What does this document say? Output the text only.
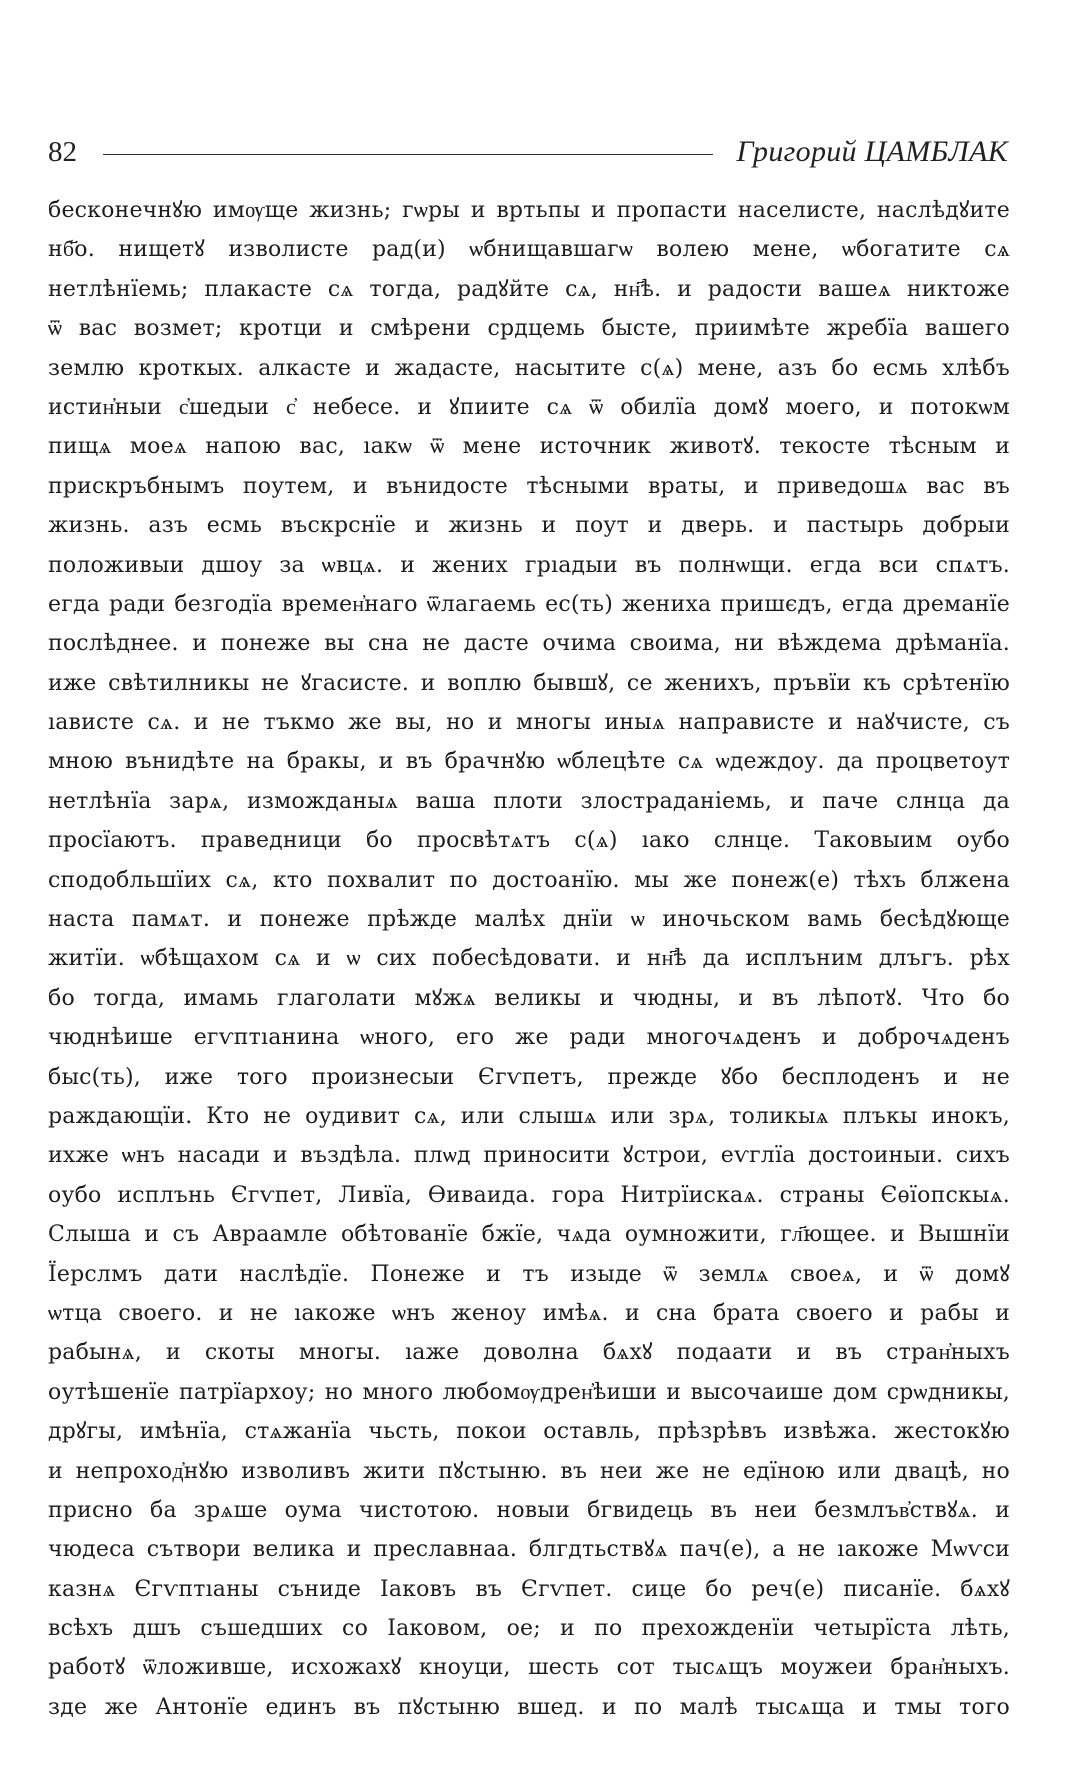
82	Григорий ЦАМБЛАК
бесконечнꙋю имѹще жизнь; гѡры и вртьпы и пропасти населисте, наслѣдꙋите
нб҃о. нищетꙋ изволисте рад(и) ѡбнищавшагѡ волею мене, ѡбогатите сѧ
нетлѣнїемь; плакасте сѧ тогда, радꙋйте сѧ, нн҃ѣ. и радости вашеѧ никтоже
ѿ вас возмет; кротци и смѣрени срдцемь бысте, приимѣте жребїа вашего
землю кроткых. алкасте и жадасте, насытите с(ѧ) мене, азъ бо есмь хлѣбъ
истин҆ныи с҆шедыи с҆ небесе. и ꙋпиите сѧ ѿ обилїа домꙋ моего, и потокѡм
пищѧ моеѧ напою вас, ıакѡ ѿ мене источник животꙋ. текосте тѣсным и
прискръбнымъ поутем, и вънидосте тѣсными враты, и приведошѧ вас въ
жизнь. азъ есмь въскрснїе и жизнь и поут и дверь. и пастырь добрыи
положивыи дшоу за ѡвцѧ. и жених грıадыи въ полнѡщи. егда вси спѧтъ.
егда ради безгодїа времен҆наго ѿлагаемь ес(ть) жениха пришєдъ, егда дреманїе
послѣднее. и понеже вы сна не дасте очима своима, ни вѣждема дрѣманїа.
иже свѣтилникы не ꙋгасисте. и воплю бывшꙋ, се женихъ, пръвїи къ срѣтенїю
ıависте сѧ. и не тъкмо же вы, но и многы иныѧ направисте и наꙋчисте, съ
мною вънидѣте на бракы, и въ брачнꙋю ѡблецѣте сѧ ѡдеждоу. да процветоут
нетлѣнїа зарѧ, изможданыѧ ваша плоти злострадані̇емь, и паче слнца да
просїаютъ. праведници бо просвѣтѧтъ с(ѧ) ıако слнце. Таковыим оубо
сподобльшїих сѧ, кто похвалит по достоанїю. мы же понеж(е) тѣхъ блжена
наста памѧт. и понеже прѣжде малѣх днїи ѡ иночьском вамь бесѣдꙋюще
житїи. ѡбѣщахом сѧ и ѡ сих побесѣдовати. и нн҃ѣ да исплъним длъгъ. рѣх
бо тогда, имамь глаголати мꙋжѧ великы и чюдны, и въ лѣпотꙋ. Что бо
чюднѣише егѵптıанина ѡного, его же ради многочѧденъ и доброчѧденъ
быс(ть), иже того произнесыи Єгѵпетъ, прежде ꙋбо бесплоденъ и не
раждающїи. Кто не оудивит сѧ, или слышѧ или зрѧ, толикыѧ плъкы инокъ,
ихже ѡнъ насади и въздѣла. плѡд приносити ꙋстрои, еѵглїа достоиныи. сихъ
оубо исплънь Єгѵпет, Ливїа, Ѳиваида. гора Нитрїискаѧ. страны Єѳїопскыѧ.
Слыша и съ Авраамле обѣтованїе бжїе, чѧда оумножити, гл҃ющее. и Вышнїи
Їерслмъ дати наслѣдїе. Понеже и тъ изыде ѿ землѧ своеѧ, и ѿ домꙋ
ѡтца своего. и не ıакоже ѡнъ женоу имѣѧ. и сна брата своего и рабы и
рабынѧ, и скоты многы. ıаже доволна бѧхꙋ подаати и въ стран҆ныхъ
оутѣшенїе патрїархоу; но много любомѹдрен҆ѣиши и высочаише дом срѡдникы,
дрꙋгы, имѣнїа, стѧжанїа чьсть, покои оставль, прѣзрѣвъ извѣжа. жестокꙋю
и непроход҆нꙋю изволивъ жити пꙋстыню. въ неи же не едїною или двацѣ, но
присно ба зрѧше оума чистотою. новыи бгвидець въ неи безмлъв҆ствꙋѧ. и
чюдеса сътвори велика и преславнаа. блгдтьствꙋѧ пач(е), а не ıакоже Мѡѵси
казнѧ Єгѵптıаны съниде Іаковъ въ Єгѵпет. сице бо реч(е) писанїе. бѧхꙋ
всѣхъ дшъ съшедших со Іаковом, ое; и по прехожденїи четырїста лѣть,
работꙋ ѿложивше, исхожахꙋ кноуци, шесть сот тысѧщъ моужеи бран҆ныхъ.
зде же Антонїе единъ въ пꙋстыню вшед. и по малѣ тысѧща и тмы того
